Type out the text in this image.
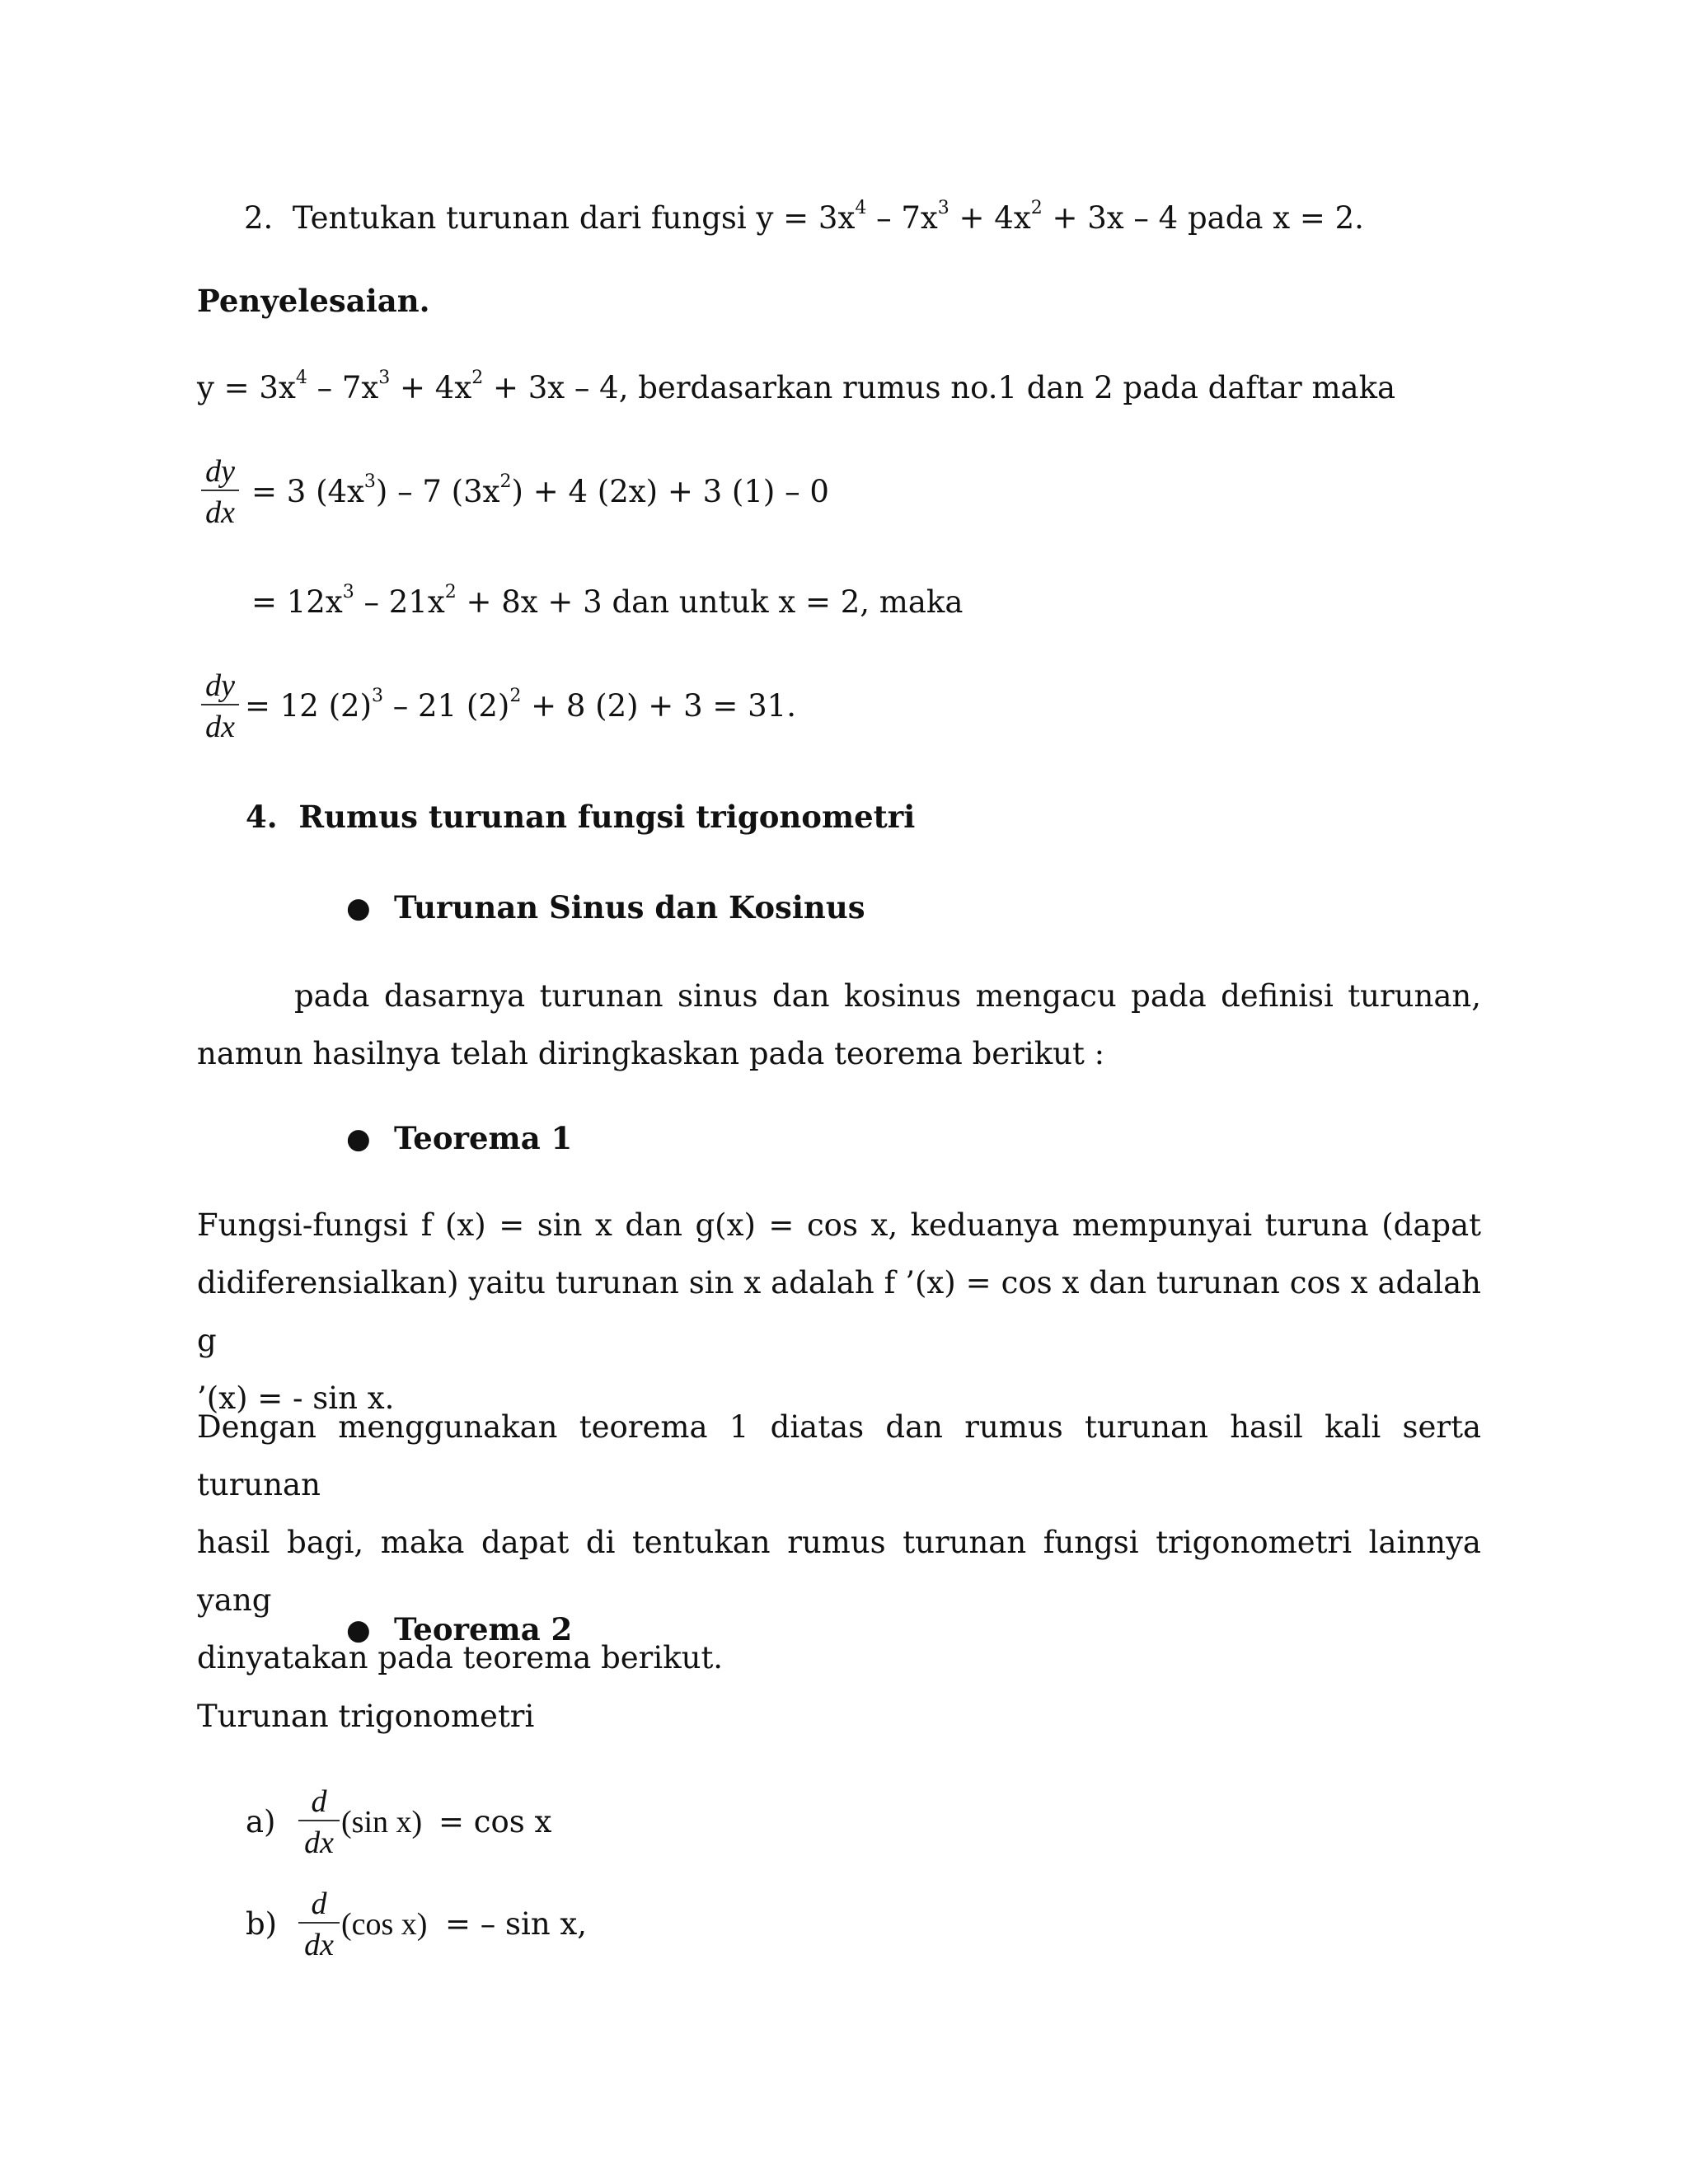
2. Tentukan turunan dari fungsi $y = 3x^4 - 7x^3 + 4x^2 + 3x - 4$ pada x = 2.
Penyelesaian.
$y = 3x^4 - 7x^3 + 4x^2 + 3x - 4$, berdasarkan rumus no.1 dan 2 pada daftar maka
dy
dx
= 3 $(4x^3) - 7$ $(3x^2) + 4$ (2x) + 3 (1) – 0
= $12x^3 - 21x^2 + 8x + 3$ dan untuk x = 2, maka
dy
dx
= 12 $(2)^3 - 21$ $(2)^2 + 8$ (2) + 3 = 31.
4. Rumus turunan fungsi trigonometri
● Turunan Sinus dan Kosinus
pada dasarnya turunan sinus dan kosinus mengacu pada definisi turunan,
namun hasilnya telah diringkaskan pada teorema berikut :
● Teorema 1
Fungsi-fungsi f (x) = sin x dan g(x) = cos x, keduanya mempunyai turuna (dapat
didiferensialkan) yaitu turunan sin x adalah f ’(x) = cos x dan turunan cos x adalah g
’(x) = - sin x.
Dengan menggunakan teorema 1 diatas dan rumus turunan hasil kali serta turunan
hasil bagi, maka dapat di tentukan rumus turunan fungsi trigonometri lainnya yang
dinyatakan pada teorema berikut.
● Teorema 2
Turunan trigonometri
a)
d
dx
(sin x) = cos x
b)
d
dx
(cos x) = – sin x,
